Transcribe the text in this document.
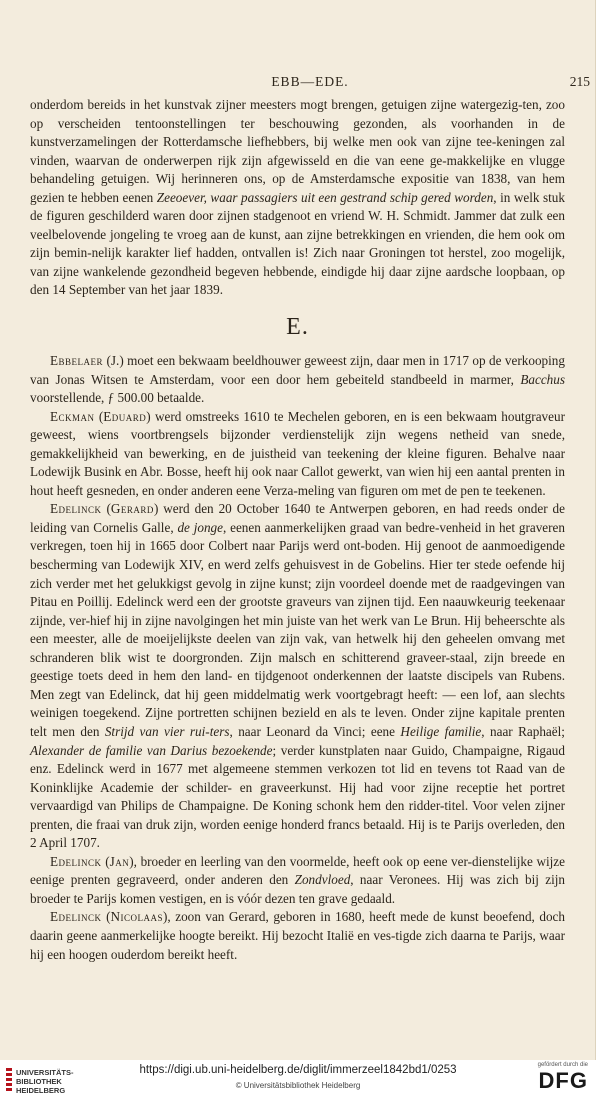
EBB—EDE.	215

onderdom bereids in het kunstvak zijner meesters mogt brengen, getuigen zijne watergezig-ten, zoo op verscheiden tentoonstellingen ter beschouwing gezonden, als voorhanden in de kunstverzamelingen der Rotterdamsche liefhebbers, bij welke men ook van zijne tee-keningen zal vinden, waarvan de onderwerpen rijk zijn afgewisseld en die van eene ge-makkelijke en vlugge behandeling getuigen. Wij herinneren ons, op de Amsterdamsche expositie van 1838, van hem gezien te hebben eenen Zeeoever, waar passagiers uit een gestrand schip gered worden, in welk stuk de figuren geschilderd waren door zijnen stadgenoot en vriend W. H. Schmidt. Jammer dat zulk een veelbelovende jongeling te vroeg aan de kunst, aan zijne betrekkingen en vrienden, die hem ook om zijn bemin-nelijk karakter lief hadden, ontvallen is! Zich naar Groningen tot herstel, zoo mogelijk, van zijne wankelende gezondheid begeven hebbende, eindigde hij daar zijne aardsche loopbaan, op den 14 September van het jaar 1839.

E.

Ebbelaer (J.) moet een bekwaam beeldhouwer geweest zijn, daar men in 1717 op de verkooping van Jonas Witsen te Amsterdam, voor een door hem gebeiteld standbeeld in marmer, Bacchus voorstellende, ƒ 500.00 betaalde.

Eckman (Eduard) werd omstreeks 1610 te Mechelen geboren, en is een bekwaam houtgraveur geweest, wiens voortbrengsels bijzonder verdienstelijk zijn wegens netheid van snede, gemakkelijkheid van bewerking, en de juistheid van teekening der kleine figuren. Behalve naar Lodewijk Busink en Abr. Bosse, heeft hij ook naar Callot gewerkt, van wien hij een aantal prenten in hout heeft gesneden, en onder anderen eene Verza-meling van figuren om met de pen te teekenen.

Edelinck (Gerard) werd den 20 October 1640 te Antwerpen geboren, en had reeds onder de leiding van Cornelis Galle, de jonge, eenen aanmerkelijken graad van bedre-venheid in het graveren verkregen, toen hij in 1665 door Colbert naar Parijs werd ont-boden. Hij genoot de aanmoedigende bescherming van Lodewijk XIV, en werd zelfs gehuisvest in de Gobelins. Hier ter stede oefende hij zich verder met het gelukkigst gevolg in zijne kunst; zijn voordeel doende met de raadgevingen van Pitau en Poillij. Edelinck werd een der grootste graveurs van zijnen tijd. Een naauwkeurig teekenaar zijnde, ver-hief hij in zijne navolgingen het min juiste van het werk van Le Brun. Hij beheerschte als een meester, alle de moeijelijkste deelen van zijn vak, van hetwelk hij den geheelen omvang met schranderen blik wist te doorgronden. Zijn malsch en schitterend graveer-staal, zijn breede en geestige toets deed in hem den land- en tijdgenoot onderkennen der laatste discipels van Rubens. Men zegt van Edelinck, dat hij geen middelmatig werk voortgebragt heeft: — een lof, aan slechts weinigen toegekend. Zijne portretten schijnen bezield en als te leven. Onder zijne kapitale prenten telt men den Strijd van vier rui-ters, naar Leonard da Vinci; eene Heilige familie, naar Raphaël; Alexander de familie van Darius bezoekende; verder kunstplaten naar Guido, Champaigne, Rigaud enz. Edelinck werd in 1677 met algemeene stemmen verkozen tot lid en tevens tot Raad van de Koninklijke Academie der schilder- en graveerkunst. Hij had voor zijne receptie het portret vervaardigd van Philips de Champaigne. De Koning schonk hem den ridder-titel. Voor velen zijner prenten, die fraai van druk zijn, worden eenige honderd francs betaald. Hij is te Parijs overleden, den 2 April 1707.

Edelinck (Jan), broeder en leerling van den voormelde, heeft ook op eene ver-dienstelijke wijze eenige prenten gegraveerd, onder anderen den Zondvloed, naar Veronees. Hij was zich bij zijn broeder te Parijs komen vestigen, en is vóór dezen ten grave gedaald.

Edelinck (Nicolaas), zoon van Gerard, geboren in 1680, heeft mede de kunst beoefend, doch daarin geene aanmerkelijke hoogte bereikt. Hij bezocht Italië en ves-tigde zich daarna te Parijs, waar hij een hoogen ouderdom bereikt heeft.

UNIVERSITÄTS-
BIBLIOTHEK
HEIDELBERG
https://digi.ub.uni-heidelberg.de/diglit/immerzeel1842bd1/0253
© Universitätsbibliothek Heidelberg
gefördert durch die
DFG
